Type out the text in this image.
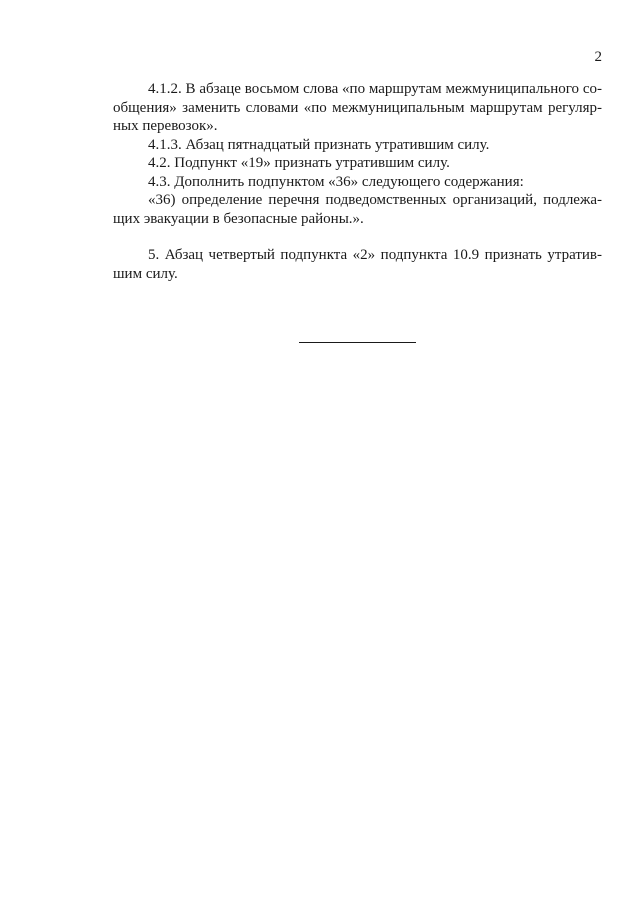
2
4.1.2. В абзаце восьмом слова «по маршрутам межмуниципального со-
общения» заменить словами «по межмуниципальным маршрутам регуляр-
ных перевозок».
4.1.3. Абзац пятнадцатый признать утратившим силу.
4.2. Подпункт «19» признать утратившим силу.
4.3. Дополнить подпунктом «36» следующего содержания:
«36) определение перечня подведомственных организаций, подлежа-
щих эвакуации в безопасные районы.».
5. Абзац четвертый подпункта «2» подпункта 10.9 признать утратив-
шим силу.
